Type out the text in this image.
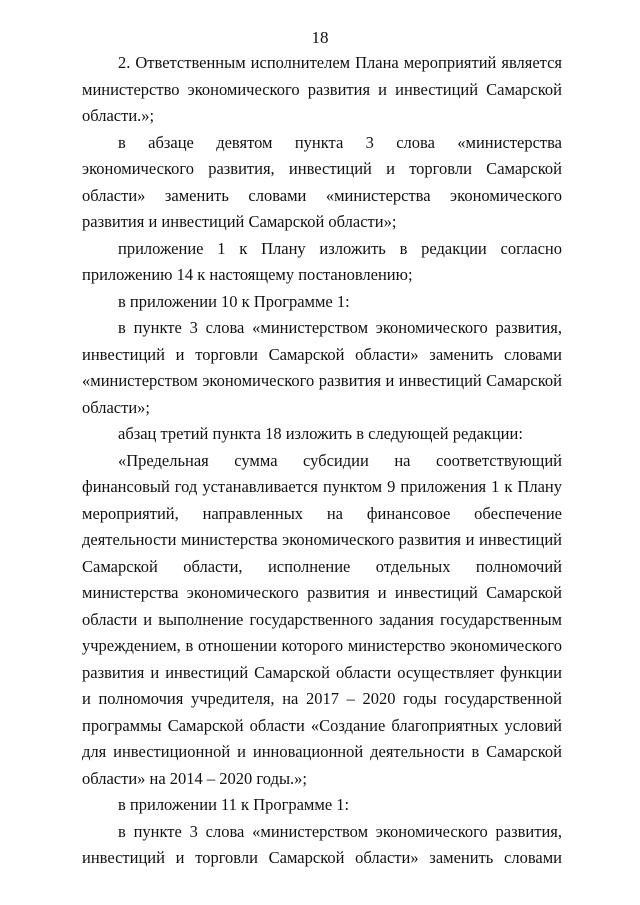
18

2. Ответственным исполнителем Плана мероприятий является министерство экономического развития и инвестиций Самарской области.»;

в абзаце девятом пункта 3 слова «министерства экономического развития, инвестиций и торговли Самарской области» заменить словами «министерства экономического развития и инвестиций Самарской области»;

приложение 1 к Плану изложить в редакции согласно приложению 14 к настоящему постановлению;

в приложении 10 к Программе 1:

в пункте 3 слова «министерством экономического развития, инвестиций и торговли Самарской области» заменить словами «министерством экономического развития и инвестиций Самарской области»;

абзац третий пункта 18 изложить в следующей редакции:

«Предельная сумма субсидии на соответствующий финансовый год устанавливается пунктом 9 приложения 1 к Плану мероприятий, направленных на финансовое обеспечение деятельности министерства экономического развития и инвестиций Самарской области, исполнение отдельных полномочий министерства экономического развития и инвестиций Самарской области и выполнение государственного задания государственным учреждением, в отношении которого министерство экономического развития и инвестиций Самарской области осуществляет функции и полномочия учредителя, на 2017 – 2020 годы государственной программы Самарской области «Создание благоприятных условий для инвестиционной и инновационной деятельности в Самарской области» на 2014 – 2020 годы.»;

в приложении 11 к Программе 1:

в пункте 3 слова «министерством экономического развития, инвестиций и торговли Самарской области» заменить словами
